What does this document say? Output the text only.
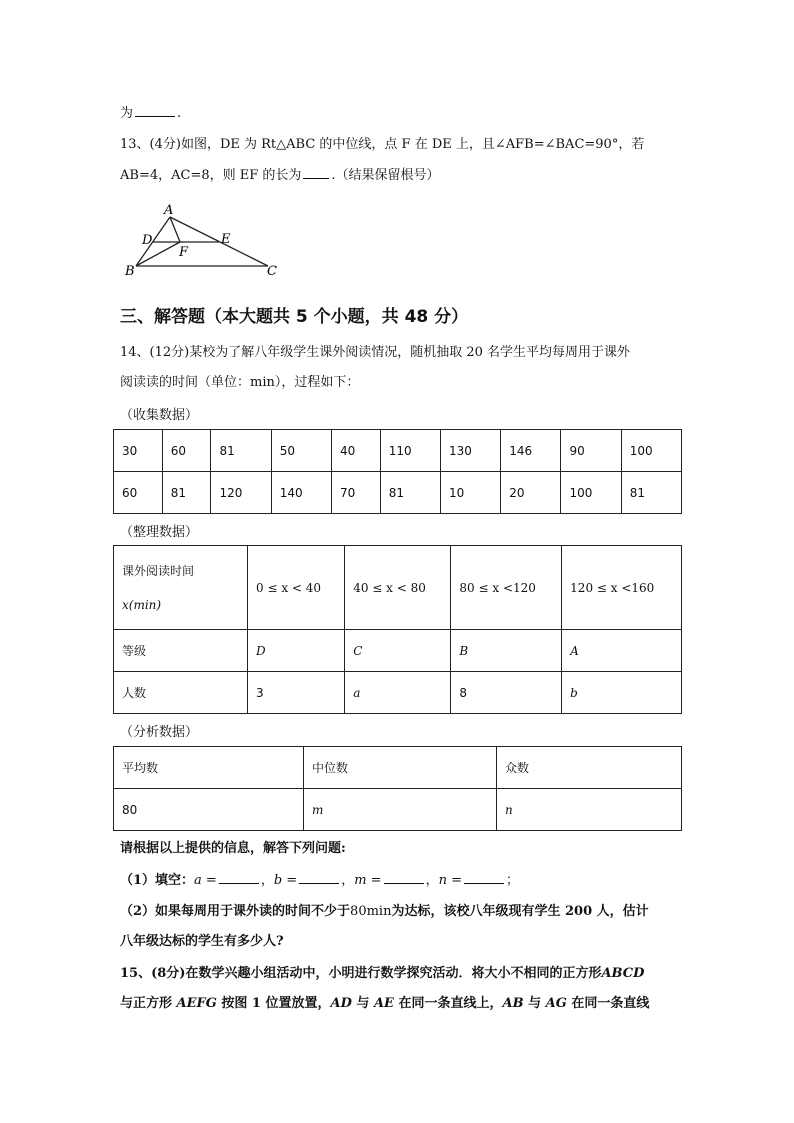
为	.
13、(4分)如图，DE 为 Rt△ABC 的中位线，点 F 在 DE 上，且∠AFB=∠BAC=90°，若
AB=4，AC=8，则 EF 的长为 .（结果保留根号）
A
D	E
F
B	C
三、解答题（本大题共 5 个小题，共 48 分）
14、(12分)某校为了解八年级学生课外阅读情况，随机抽取 20 名学生平均每周用于课外
阅读读的时间（单位：min），过程如下：
（收集数据）
30	60	81	50	40	110	130	146	90	100
60	81	120	140	70	81	10	20	100	81
（整理数据）
课外阅读时间
x(min)	0 ≤ x < 40	40 ≤ x < 80	80 ≤ x <120	120 ≤ x <160
等级	D	C	B	A
人数	3	a	8	b
（分析数据）
平均数	中位数	众数
80	m	n
请根据以上提供的信息，解答下列问题:
（1）填空：a =	，b =	，m =	，n =	；
（2）如果每周用于课外读的时间不少于80min为达标，该校八年级现有学生 200 人，估计
八年级达标的学生有多少人?
15、(8分)在数学兴趣小组活动中，小明进行数学探究活动．将大小不相同的正方形ABCD
与正方形 AEFG 按图 1 位置放置，AD 与 AE 在同一条直线上，AB 与 AG 在同一条直线
